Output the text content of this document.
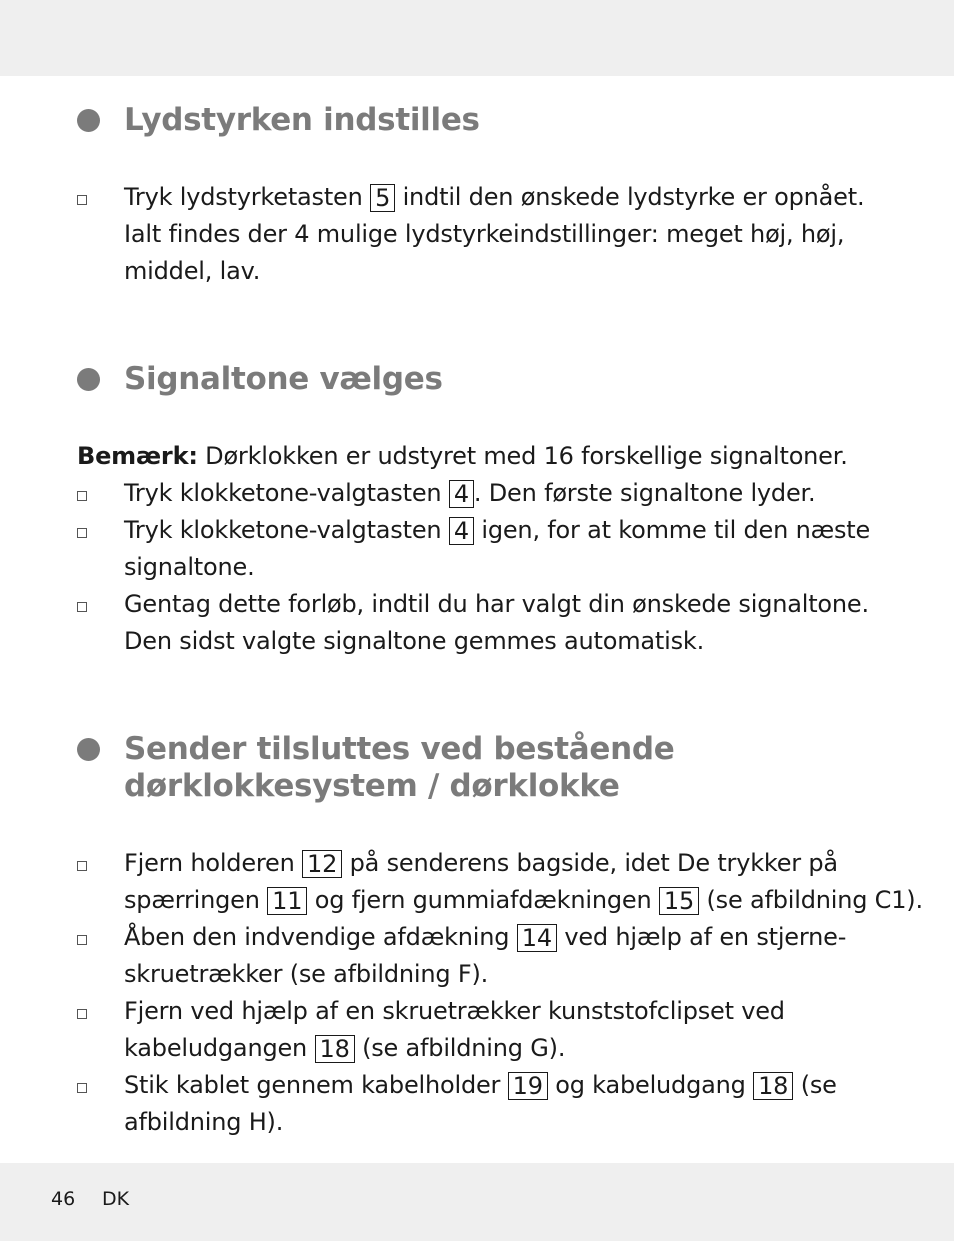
Lydstyrken indstilles
Tryk lydstyrketasten 5 indtil den ønskede lydstyrke er opnået.
Ialt findes der 4 mulige lydstyrkeindstillinger: meget høj, høj,
middel, lav.
Signaltone vælges
Bemærk: Dørklokken er udstyret med 16 forskellige signaltoner.
Tryk klokketone-valgtasten 4 . Den første signaltone lyder.
Tryk klokketone-valgtasten 4 igen, for at komme til den næste
signaltone.
Gentag dette forløb, indtil du har valgt din ønskede signaltone.
Den sidst valgte signaltone gemmes automatisk.
Sender tilsluttes ved bestående
dørklokkesystem / dørklokke
Fjern holderen 12 på senderens bagside, idet De trykker på
spærringen 11 og fjern gummiafdækningen 15 (se afbildning C1).
Åben den indvendige afdækning 14 ved hjælp af en stjerne-
skruetrækker (se afbildning F).
Fjern ved hjælp af en skruetrækker kunststofclipset ved
kabeludgangen 18 (se afbildning G).
Stik kablet gennem kabelholder 19 og kabeludgang 18 (se
afbildning H).
46 DK
